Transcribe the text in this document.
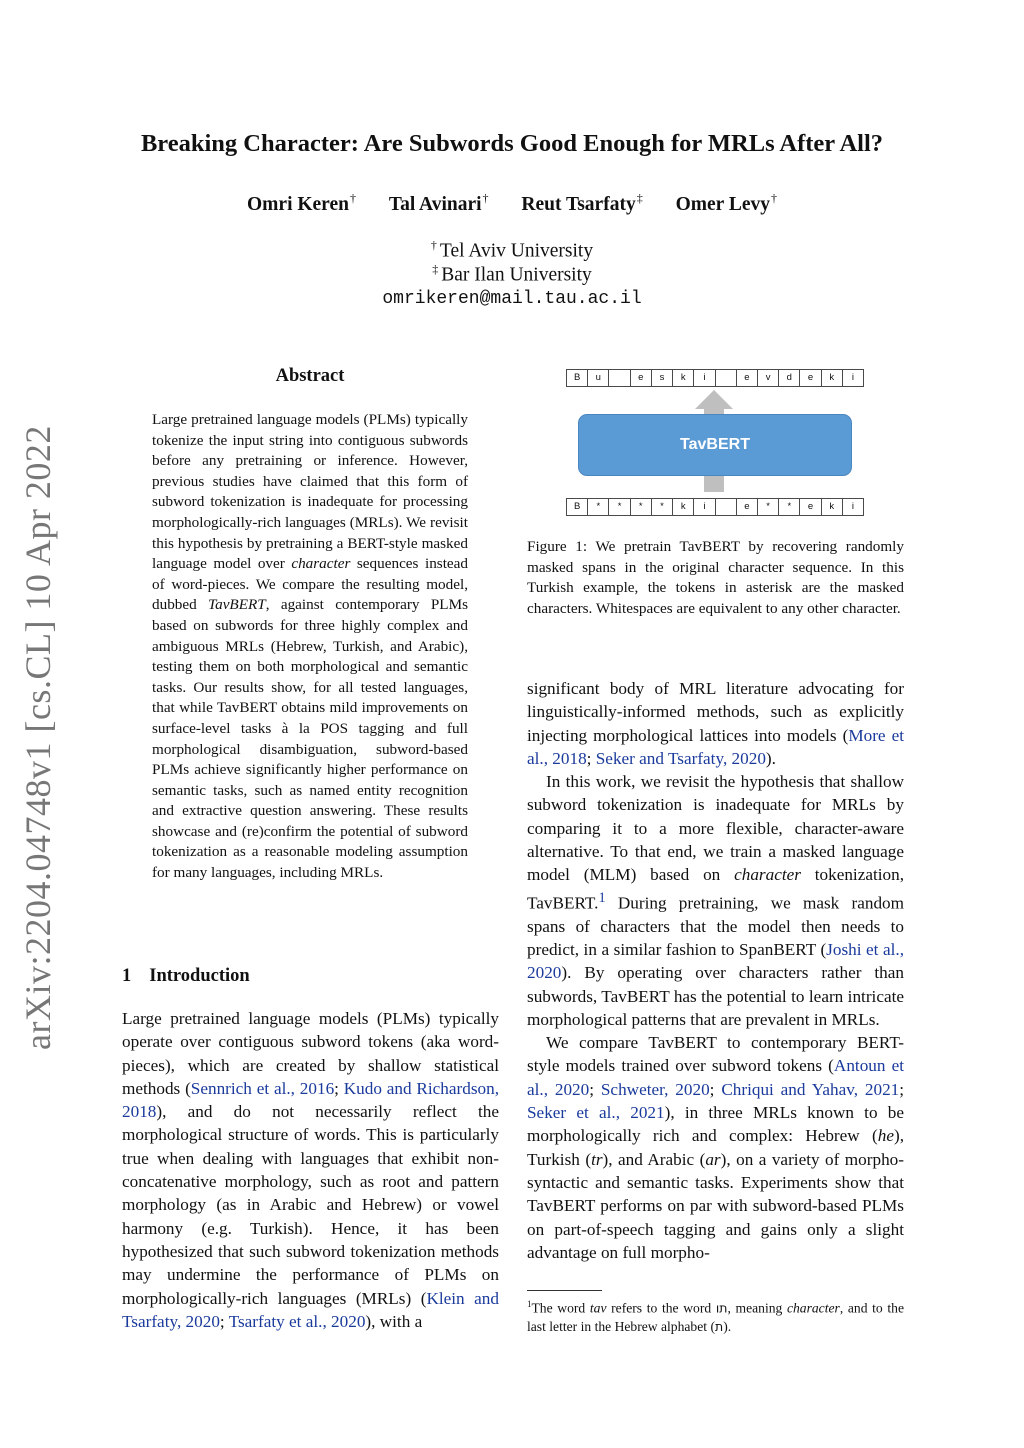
arXiv:2204.04748v1 [cs.CL] 10 Apr 2022
Breaking Character: Are Subwords Good Enough for MRLs After All?
Omri Keren† Tal Avinari† Reut Tsarfaty‡ Omer Levy†
† Tel Aviv University
‡ Bar Ilan University
omrikeren@mail.tau.ac.il
Abstract
Large pretrained language models (PLMs) typically tokenize the input string into contiguous subwords before any pretraining or inference. However, previous studies have claimed that this form of subword tokenization is inadequate for processing morphologically-rich languages (MRLs). We revisit this hypothesis by pretraining a BERT-style masked language model over character sequences instead of word-pieces. We compare the resulting model, dubbed TavBERT, against contemporary PLMs based on subwords for three highly complex and ambiguous MRLs (Hebrew, Turkish, and Arabic), testing them on both morphological and semantic tasks. Our results show, for all tested languages, that while TavBERT obtains mild improvements on surface-level tasks à la POS tagging and full morphological disambiguation, subword-based PLMs achieve significantly higher performance on semantic tasks, such as named entity recognition and extractive question answering. These results showcase and (re)confirm the potential of subword tokenization as a reasonable modeling assumption for many languages, including MRLs.
B	u	e	s	k	i	e	v	d	e	k	i
TavBERT
B	*	*	*	*	k	i	e	*	*	e	k	i
Figure 1: We pretrain TavBERT by recovering randomly masked spans in the original character sequence. In this Turkish example, the tokens in asterisk are the masked characters. Whitespaces are equivalent to any other character.
1 Introduction

Large pretrained language models (PLMs) typically operate over contiguous subword tokens (aka word-pieces), which are created by shallow statistical methods (Sennrich et al., 2016; Kudo and Richardson, 2018), and do not necessarily reflect the morphological structure of words. This is particularly true when dealing with languages that exhibit non-concatenative morphology, such as root and pattern morphology (as in Arabic and Hebrew) or vowel harmony (e.g. Turkish). Hence, it has been hypothesized that such subword tokenization methods may undermine the performance of PLMs on morphologically-rich languages (MRLs) (Klein and Tsarfaty, 2020; Tsarfaty et al., 2020), with a

significant body of MRL literature advocating for linguistically-informed methods, such as explicitly injecting morphological lattices into models (More et al., 2018; Seker and Tsarfaty, 2020).

In this work, we revisit the hypothesis that shallow subword tokenization is inadequate for MRLs by comparing it to a more flexible, character-aware alternative. To that end, we train a masked language model (MLM) based on character tokenization, TavBERT.$^1$ During pretraining, we mask random spans of characters that the model then needs to predict, in a similar fashion to SpanBERT (Joshi et al., 2020). By operating over characters rather than subwords, TavBERT has the potential to learn intricate morphological patterns that are prevalent in MRLs.

We compare TavBERT to contemporary BERT-style models trained over subword tokens (Antoun et al., 2020; Schweter, 2020; Chriqui and Yahav, 2021; Seker et al., 2021), in three MRLs known to be morphologically rich and complex: Hebrew (he), Turkish (tr), and Arabic (ar), on a variety of morpho-syntactic and semantic tasks. Experiments show that TavBERT performs on par with subword-based PLMs on part-of-speech tagging and gains only a slight advantage on full morpho-

$^1$The word tav refers to the word תו, meaning character, and to the last letter in the Hebrew alphabet (ת).
